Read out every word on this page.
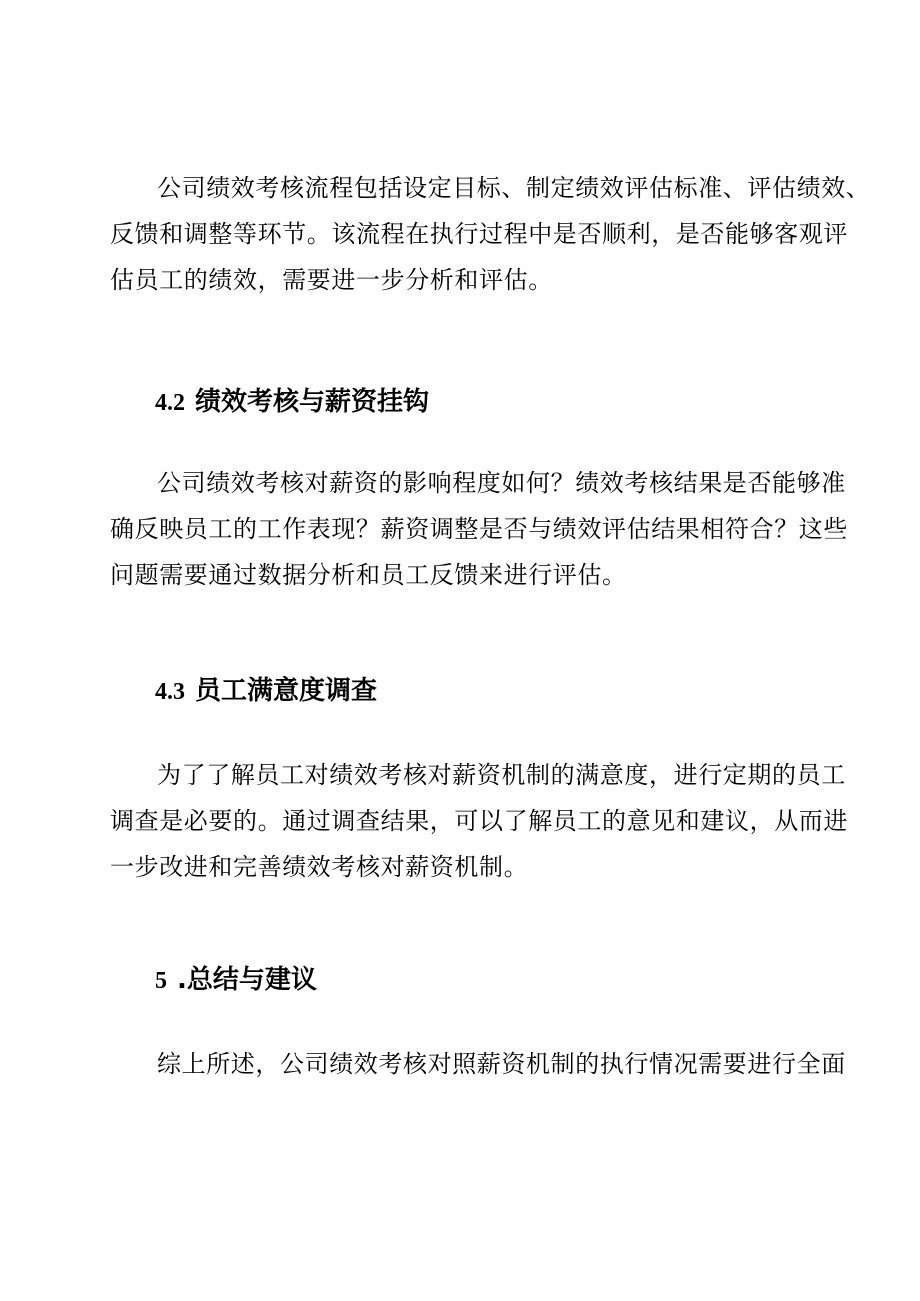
公司绩效考核流程包括设定目标、制定绩效评估标准、评估绩效、
反馈和调整等环节。该流程在执行过程中是否顺利，是否能够客观评
估员工的绩效，需要进一步分析和评估。

4.2 绩效考核与薪资挂钩

公司绩效考核对薪资的影响程度如何？绩效考核结果是否能够准
确反映员工的工作表现？薪资调整是否与绩效评估结果相符合？这些
问题需要通过数据分析和员工反馈来进行评估。

4.3 员工满意度调查

为了了解员工对绩效考核对薪资机制的满意度，进行定期的员工
调查是必要的。通过调查结果，可以了解员工的意见和建议，从而进
一步改进和完善绩效考核对薪资机制。

5 .总结与建议

综上所述，公司绩效考核对照薪资机制的执行情况需要进行全面
